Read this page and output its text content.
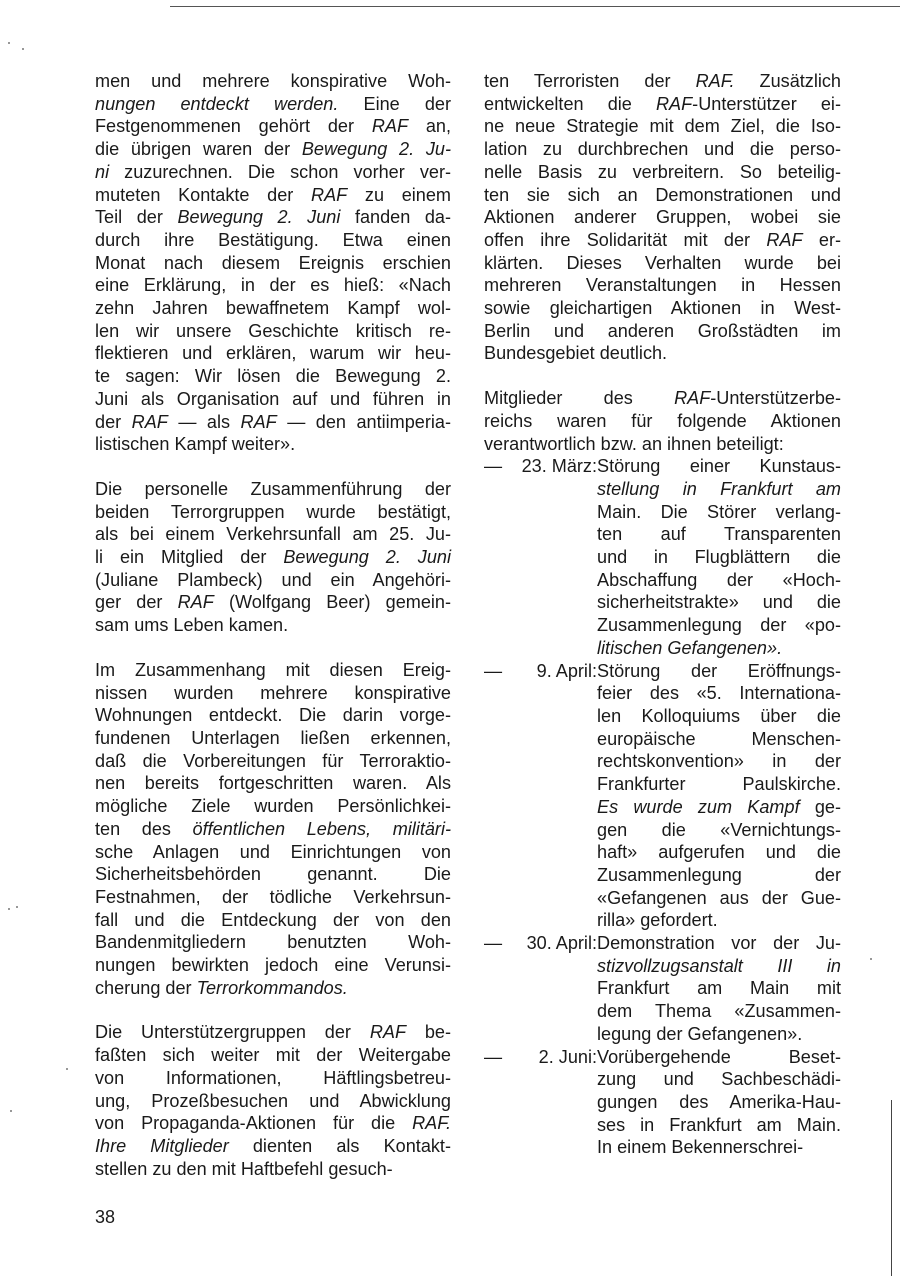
men und mehrere konspirative Woh-
nungen entdeckt werden. Eine der
Festgenommenen gehört der RAF an,
die übrigen waren der Bewegung 2. Ju-
ni zuzurechnen. Die schon vorher ver-
muteten Kontakte der RAF zu einem
Teil der Bewegung 2. Juni fanden da-
durch ihre Bestätigung. Etwa einen
Monat nach diesem Ereignis erschien
eine Erklärung, in der es hieß: «Nach
zehn Jahren bewaffnetem Kampf wol-
len wir unsere Geschichte kritisch re-
flektieren und erklären, warum wir heu-
te sagen: Wir lösen die Bewegung 2.
Juni als Organisation auf und führen in
der RAF — als RAF — den antiimperia-
listischen Kampf weiter».

Die personelle Zusammenführung der
beiden Terrorgruppen wurde bestätigt,
als bei einem Verkehrsunfall am 25. Ju-
li ein Mitglied der Bewegung 2. Juni
(Juliane Plambeck) und ein Angehöri-
ger der RAF (Wolfgang Beer) gemein-
sam ums Leben kamen.

Im Zusammenhang mit diesen Ereig-
nissen wurden mehrere konspirative
Wohnungen entdeckt. Die darin vorge-
fundenen Unterlagen ließen erkennen,
daß die Vorbereitungen für Terroraktio-
nen bereits fortgeschritten waren. Als
mögliche Ziele wurden Persönlichkei-
ten des öffentlichen Lebens, militäri-
sche Anlagen und Einrichtungen von
Sicherheitsbehörden genannt. Die
Festnahmen, der tödliche Verkehrsun-
fall und die Entdeckung der von den
Bandenmitgliedern benutzten Woh-
nungen bewirkten jedoch eine Verunsi-
cherung der Terrorkommandos.

Die Unterstützergruppen der RAF be-
faßten sich weiter mit der Weitergabe
von Informationen, Häftlingsbetreu-
ung, Prozeßbesuchen und Abwicklung
von Propaganda-Aktionen für die RAF.
Ihre Mitglieder dienten als Kontakt-
stellen zu den mit Haftbefehl gesuch-

ten Terroristen der RAF. Zusätzlich
entwickelten die RAF-Unterstützer ei-
ne neue Strategie mit dem Ziel, die Iso-
lation zu durchbrechen und die perso-
nelle Basis zu verbreitern. So beteilig-
ten sie sich an Demonstrationen und
Aktionen anderer Gruppen, wobei sie
offen ihre Solidarität mit der RAF er-
klärten. Dieses Verhalten wurde bei
mehreren Veranstaltungen in Hessen
sowie gleichartigen Aktionen in West-
Berlin und anderen Großstädten im
Bundesgebiet deutlich.

Mitglieder des RAF-Unterstützerbe-
reichs waren für folgende Aktionen
verantwortlich bzw. an ihnen beteiligt:

—	23. März: Störung einer Kunstaus-
stellung in Frankfurt am
Main. Die Störer verlang-
ten auf Transparenten
und in Flugblättern die
Abschaffung der «Hoch-
sicherheitstrakte» und die
Zusammenlegung der «po-
litischen Gefangenen».
—	9. April: Störung der Eröffnungs-
feier des «5. Internationa-
len Kolloquiums über die
europäische Menschen-
rechtskonvention» in der
Frankfurter Paulskirche.
Es wurde zum Kampf ge-
gen die «Vernichtungs-
haft» aufgerufen und die
Zusammenlegung der
«Gefangenen aus der Gue-
rilla» gefordert.
—	30. April: Demonstration vor der Ju-
stizvollzugsanstalt III in
Frankfurt am Main mit
dem Thema «Zusammen-
legung der Gefangenen».
—	2. Juni: Vorübergehende Beset-
zung und Sachbeschädi-
gungen des Amerika-Hau-
ses in Frankfurt am Main.
In einem Bekennerschrei-
38
